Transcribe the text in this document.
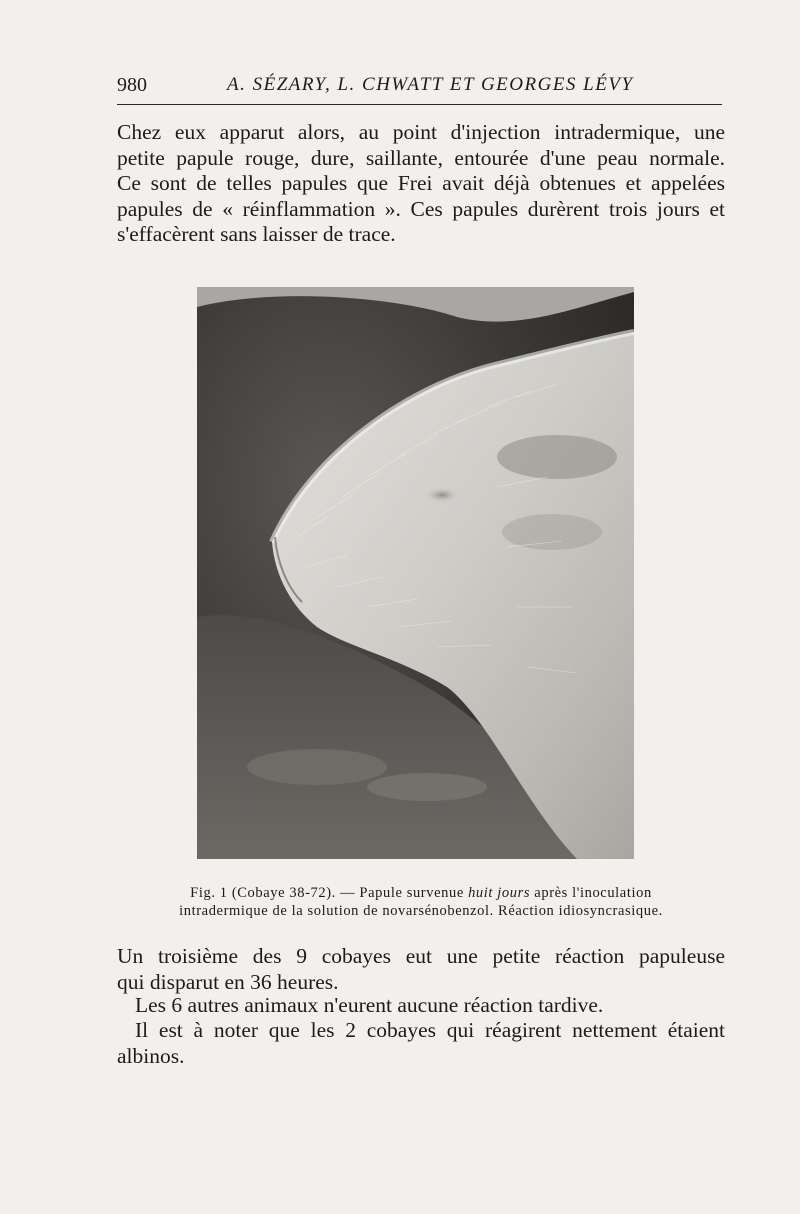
980	A. SÉZARY, L. CHWATT ET GEORGES LÉVY
Chez eux apparut alors, au point d'injection intradermique, une
petite papule rouge, dure, saillante, entourée d'une peau normale.
Ce sont de telles papules que Frei avait déjà obtenues et appelées
papules de « réinflammation ». Ces papules durèrent trois jours et
s'effacèrent sans laisser de trace.
Fig. 1 (Cobaye 38-72). — Papule survenue huit jours après l'inoculation
intradermique de la solution de novarsénobenzol. Réaction idiosyncrasique.
Un troisième des 9 cobayes eut une petite réaction papuleuse
qui disparut en 36 heures.
Les 6 autres animaux n'eurent aucune réaction tardive.
Il est à noter que les 2 cobayes qui réagirent nettement étaient
albinos.
